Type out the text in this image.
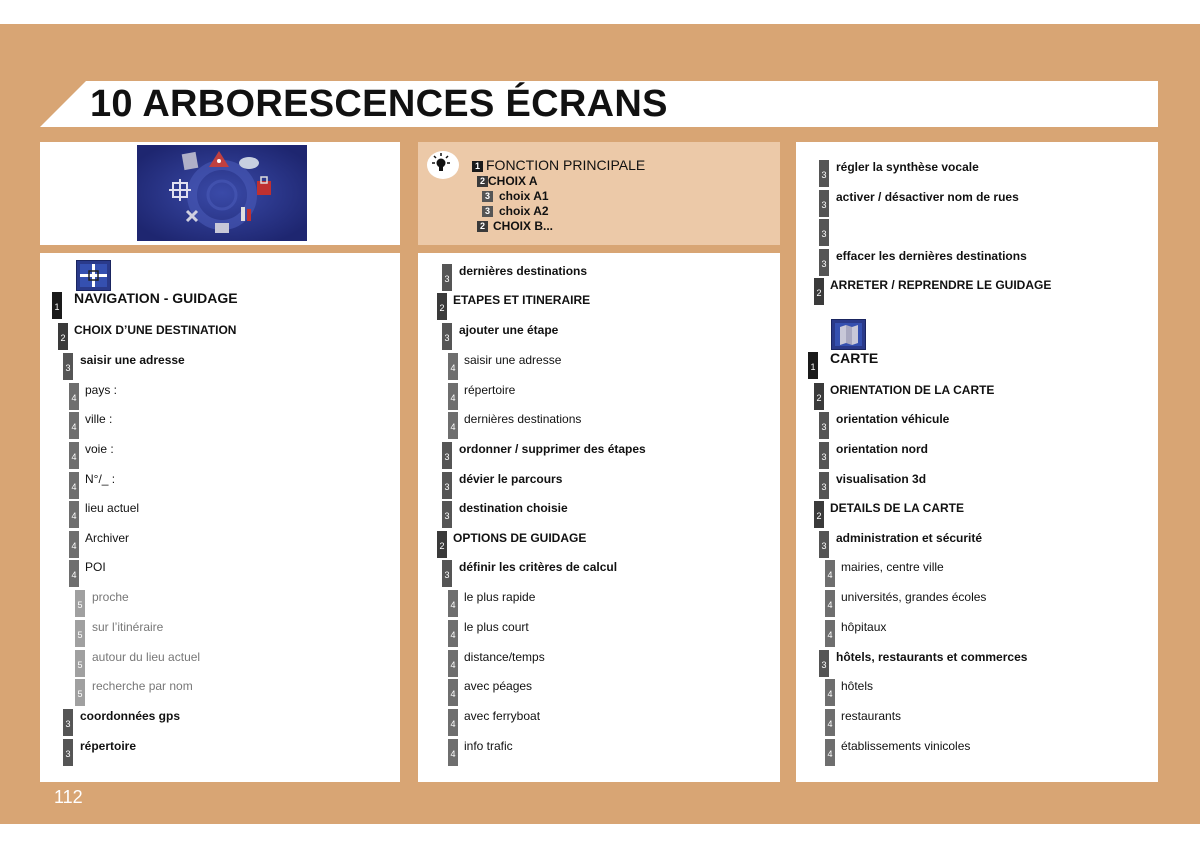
10 ARBORESCENCES ÉCRANS
1 FONCTION PRINCIPALE
2 CHOIX A
3 choix A1
3 choix A2
2 CHOIX B...
1
NAVIGATION - GUIDAGE
2
CHOIX D’UNE DESTINATION
3
saisir une adresse
4
pays :
4
ville :
4
voie :
4
N°/_ :
4
lieu actuel
4
Archiver
4
POI
5
proche
5
sur l’itinéraire
5
autour du lieu actuel
5
recherche par nom
3
coordonnées gps
3
répertoire
3
dernières destinations
2
ETAPES ET ITINERAIRE
3
ajouter une étape
4
saisir une adresse
4
répertoire
4
dernières destinations
3
ordonner / supprimer des étapes
3
dévier le parcours
3
destination choisie
2
OPTIONS DE GUIDAGE
3
définir les critères de calcul
4
le plus rapide
4
le plus court
4
distance/temps
4
avec péages
4
avec ferryboat
4
info trafic
3
régler la synthèse vocale
3
activer / désactiver nom de rues
3
3
effacer les dernières destinations
2
ARRETER / REPRENDRE LE GUIDAGE
1
CARTE
2
ORIENTATION DE LA CARTE
3
orientation véhicule
3
orientation nord
3
visualisation 3d
2
DETAILS DE LA CARTE
3
administration et sécurité
4
mairies, centre ville
4
universités, grandes écoles
4
hôpitaux
3
hôtels, restaurants et commerces
4
hôtels
4
restaurants
4
établissements vinicoles
112
